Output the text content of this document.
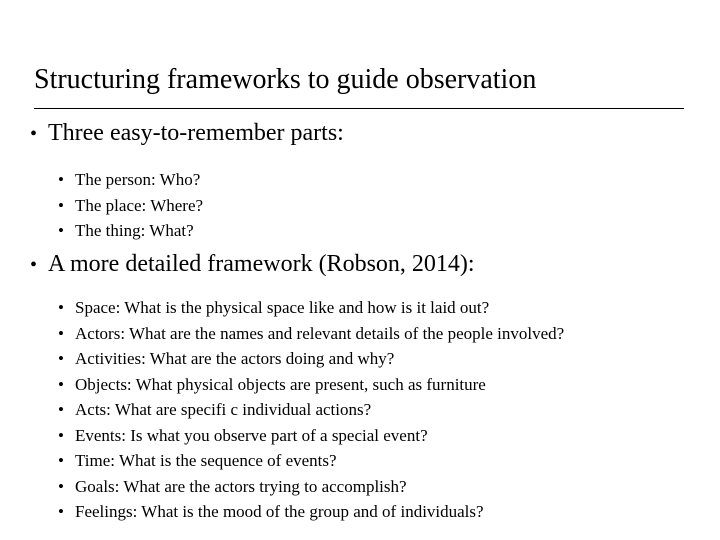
Structuring frameworks to guide observation
• Three easy-to-remember parts:
• The person: Who?
• The place: Where?
• The thing: What?
• A more detailed framework (Robson, 2014):
• Space: What is the physical space like and how is it laid out?
• Actors: What are the names and relevant details of the people involved?
• Activities: What are the actors doing and why?
• Objects: What physical objects are present, such as furniture
• Acts: What are specifi c individual actions?
• Events: Is what you observe part of a special event?
• Time: What is the sequence of events?
• Goals: What are the actors trying to accomplish?
• Feelings: What is the mood of the group and of individuals?
